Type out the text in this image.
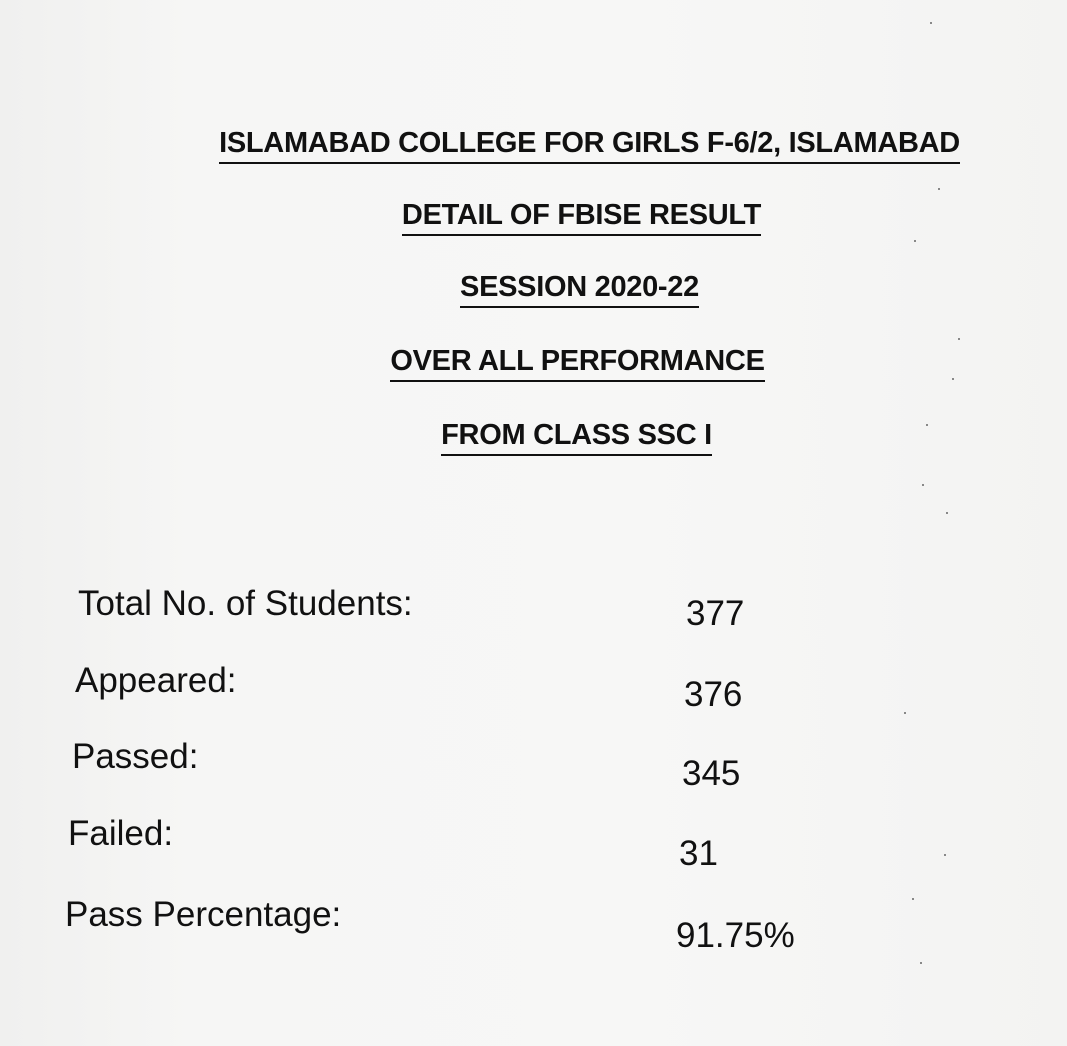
ISLAMABAD COLLEGE FOR GIRLS F-6/2, ISLAMABAD
DETAIL OF FBISE RESULT
SESSION 2020-22
OVER ALL PERFORMANCE
FROM CLASS SSC I
Total No. of Students:	377
Appeared:	376
Passed:	345
Failed:
31
Pass Percentage:
91.75%
